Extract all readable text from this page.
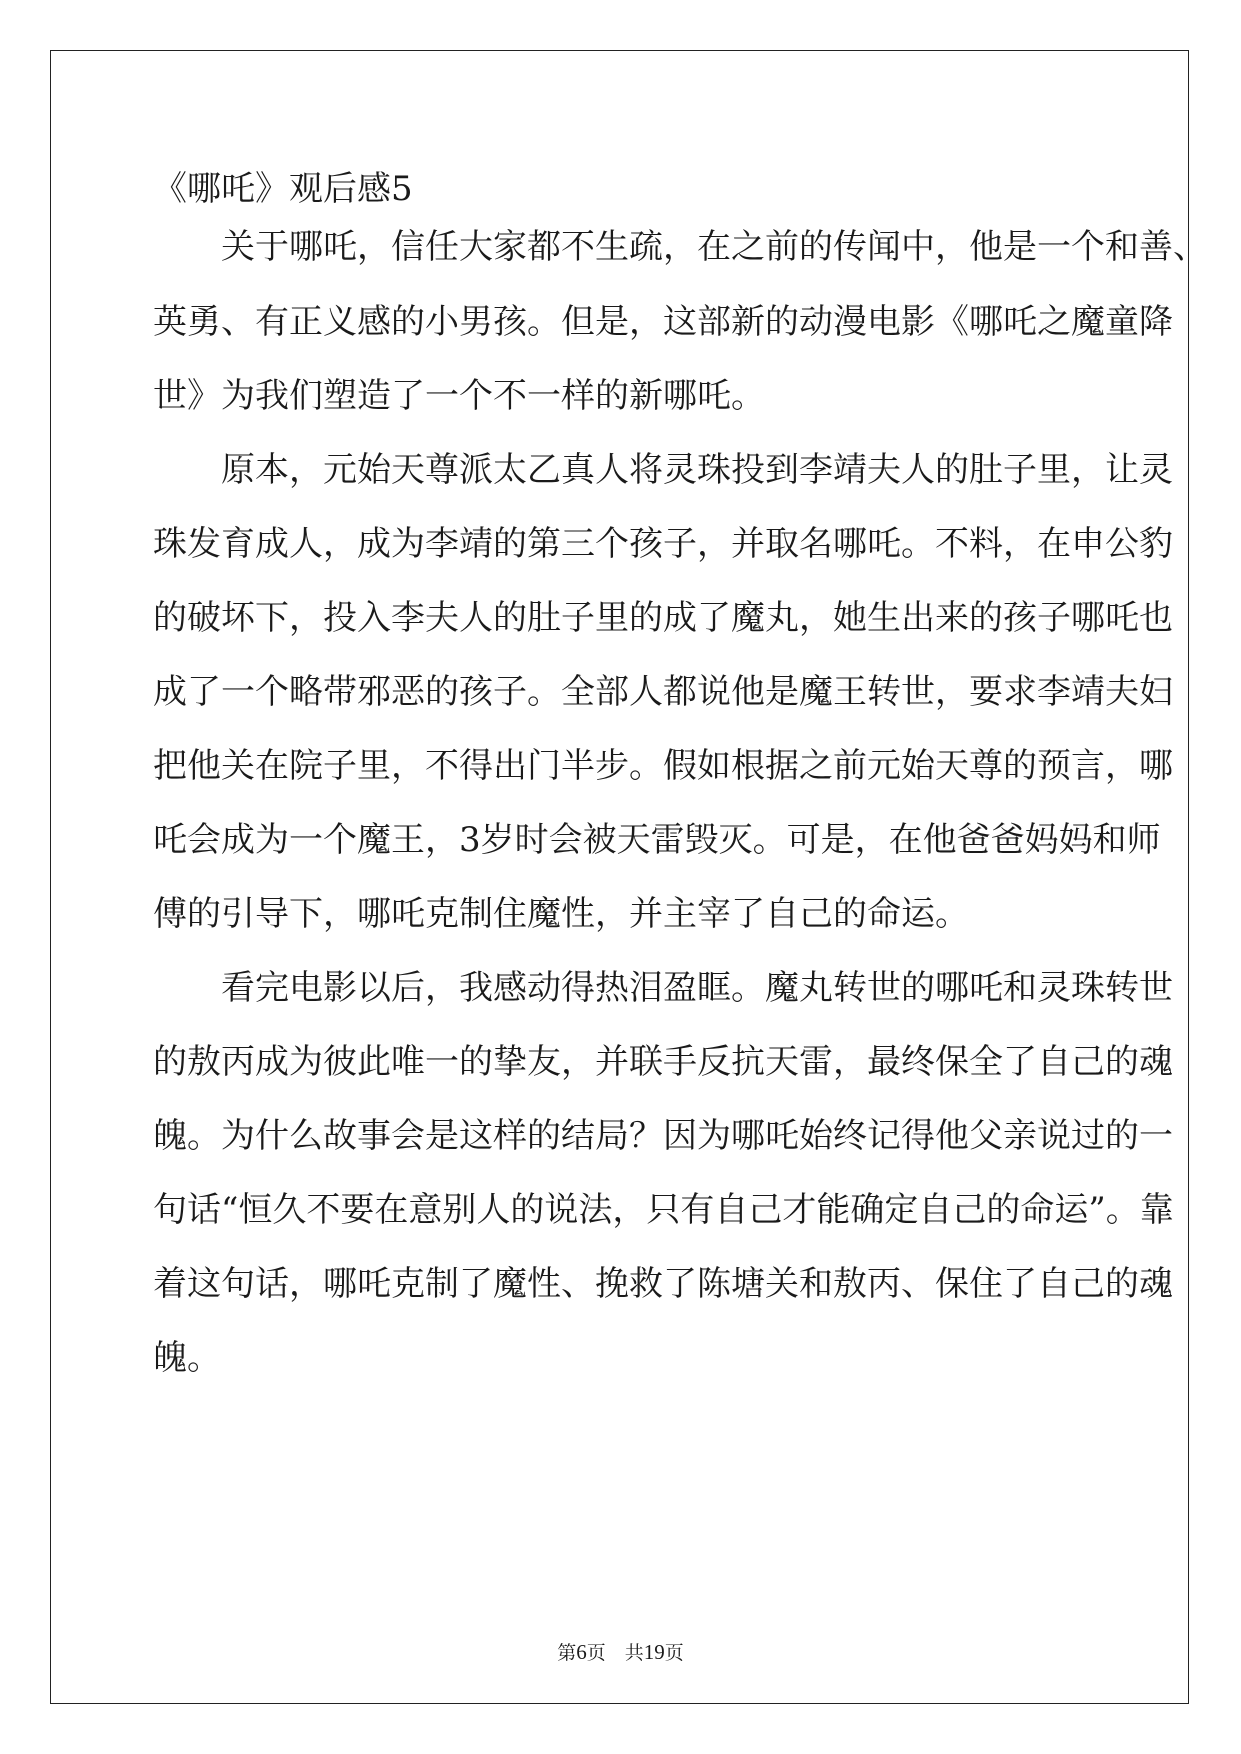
《哪吒》观后感5
　　关于哪吒，信任大家都不生疏，在之前的传闻中，他是一个和善、
英勇、有正义感的小男孩。但是，这部新的动漫电影《哪吒之魔童降
世》为我们塑造了一个不一样的新哪吒。
　　原本，元始天尊派太乙真人将灵珠投到李靖夫人的肚子里，让灵
珠发育成人，成为李靖的第三个孩子，并取名哪吒。不料，在申公豹
的破坏下，投入李夫人的肚子里的成了魔丸，她生出来的孩子哪吒也
成了一个略带邪恶的孩子。全部人都说他是魔王转世，要求李靖夫妇
把他关在院子里，不得出门半步。假如根据之前元始天尊的预言，哪
吒会成为一个魔王，3岁时会被天雷毁灭。可是，在他爸爸妈妈和师
傅的引导下，哪吒克制住魔性，并主宰了自己的命运。
　　看完电影以后，我感动得热泪盈眶。魔丸转世的哪吒和灵珠转世
的敖丙成为彼此唯一的挚友，并联手反抗天雷，最终保全了自己的魂
魄。为什么故事会是这样的结局？因为哪吒始终记得他父亲说过的一
句话“恒久不要在意别人的说法，只有自己才能确定自己的命运”。靠
着这句话，哪吒克制了魔性、挽救了陈塘关和敖丙、保住了自己的魂
魄。
第6页　共19页
